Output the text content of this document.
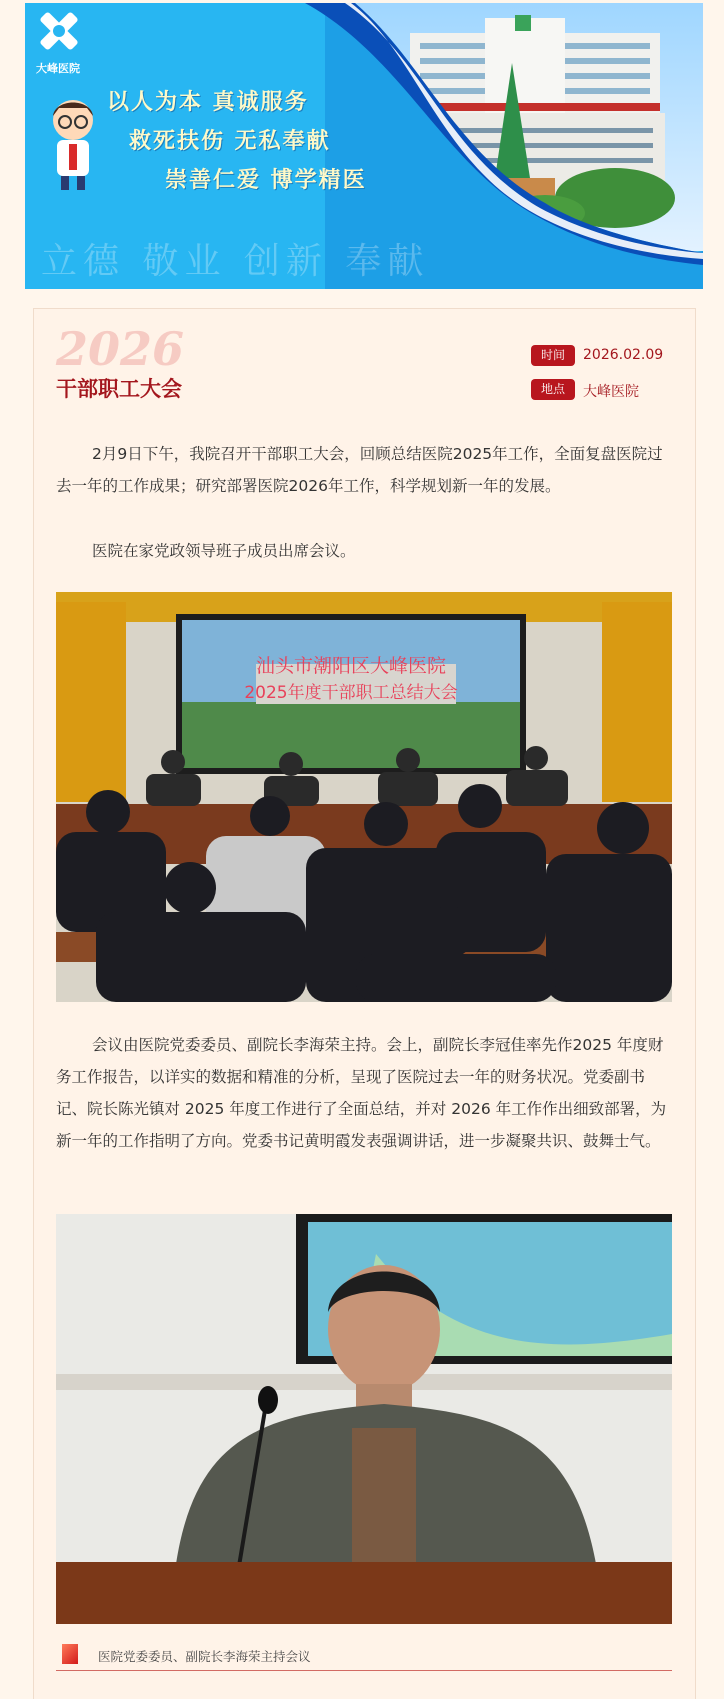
大峰医院
以人为本 真诚服务
救死扶伤 无私奉献
崇善仁爱 博学精医
立德 敬业 创新 奉献
2026
干部职工大会
时间	2026.02.09
地点	大峰医院

2月9日下午，我院召开干部职工大会，回顾总结医院2025年工作，全面复盘医院过去一年的工作成果；研究部署医院2026年工作，科学规划新一年的发展。

医院在家党政领导班子成员出席会议。

汕头市潮阳区大峰医院
2025年度干部职工总结大会

会议由医院党委委员、副院长李海荣主持。会上，副院长李冠佳率先作2025 年度财务工作报告，以详实的数据和精准的分析，呈现了医院过去一年的财务状况。党委副书记、院长陈光镇对 2025 年度工作进行了全面总结，并对 2026 年工作作出细致部署，为新一年的工作指明了方向。党委书记黄明霞发表强调讲话，进一步凝聚共识、鼓舞士气。

医院党委委员、副院长李海荣主持会议
